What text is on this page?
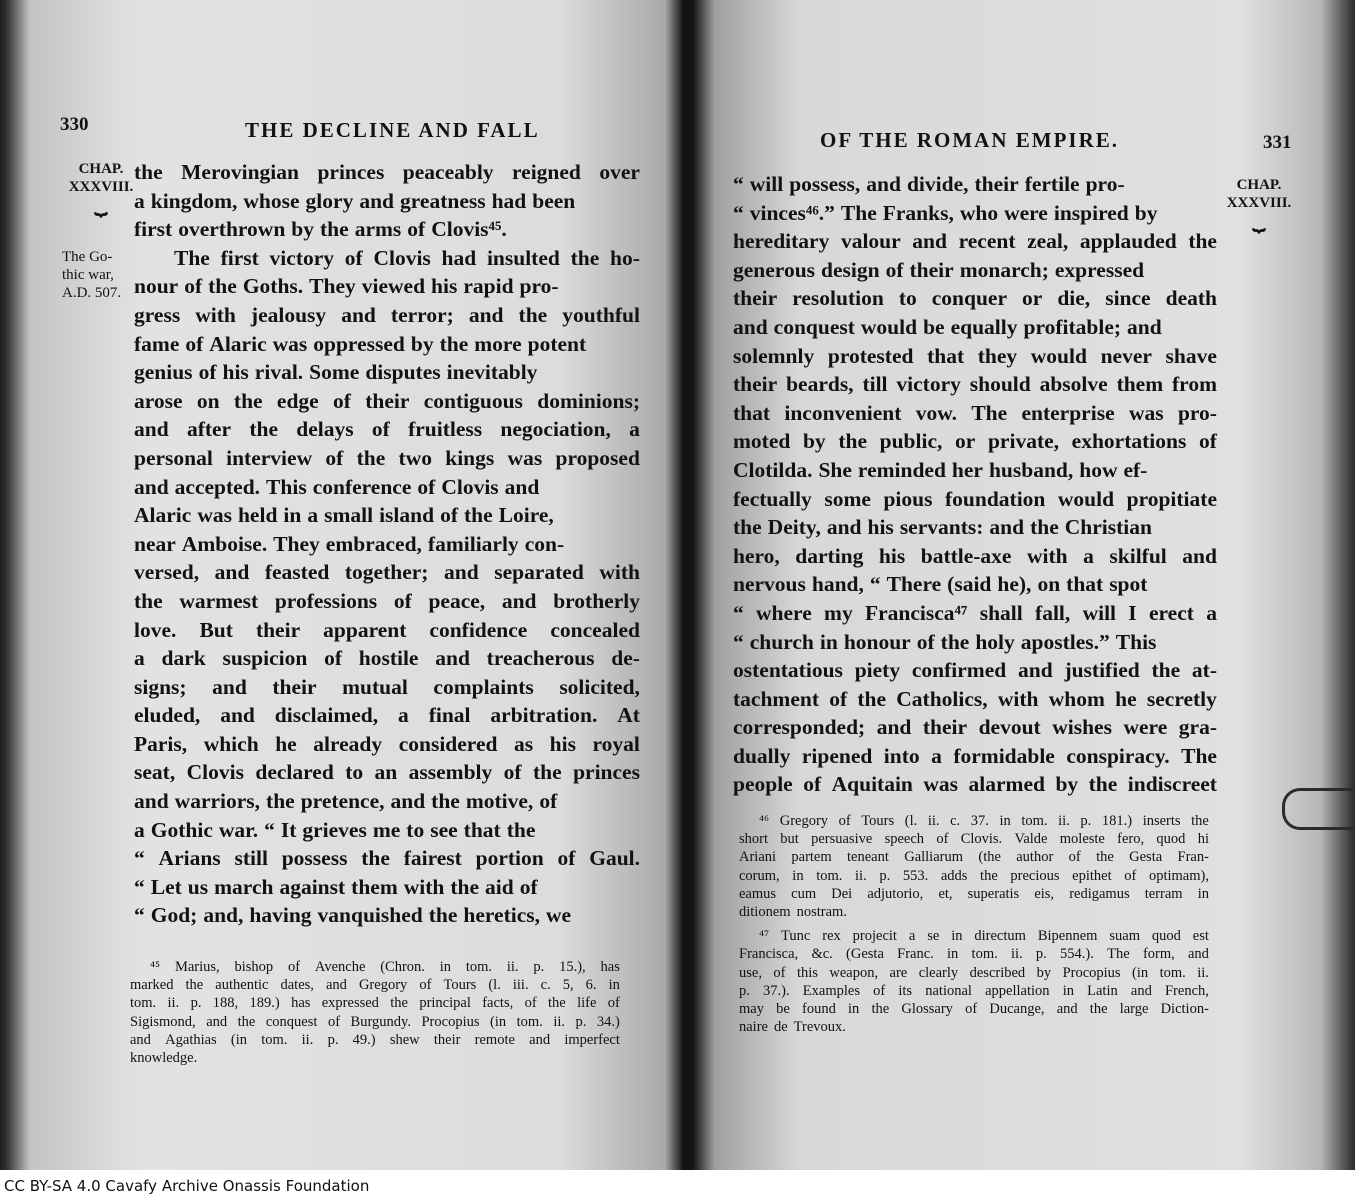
330	THE DECLINE AND FALL
CHAP.
XXXVIII.
⏟
The Go-
thic war,
A.D. 507.
the Merovingian princes peaceably reigned over
a kingdom, whose glory and greatness had been
first overthrown by the arms of Clovis⁴⁵.
The first victory of Clovis had insulted the ho-
nour of the Goths. They viewed his rapid pro-
gress with jealousy and terror; and the youthful
fame of Alaric was oppressed by the more potent
genius of his rival. Some disputes inevitably
arose on the edge of their contiguous dominions;
and after the delays of fruitless negociation, a
personal interview of the two kings was proposed
and accepted. This conference of Clovis and
Alaric was held in a small island of the Loire,
near Amboise. They embraced, familiarly con-
versed, and feasted together; and separated with
the warmest professions of peace, and brotherly
love. But their apparent confidence concealed
a dark suspicion of hostile and treacherous de-
signs; and their mutual complaints solicited,
eluded, and disclaimed, a final arbitration. At
Paris, which he already considered as his royal
seat, Clovis declared to an assembly of the princes
and warriors, the pretence, and the motive, of
a Gothic war. “ It grieves me to see that the
“ Arians still possess the fairest portion of Gaul.
“ Let us march against them with the aid of
“ God; and, having vanquished the heretics, we
⁴⁵ Marius, bishop of Avenche (Chron. in tom. ii. p. 15.), has
marked the authentic dates, and Gregory of Tours (l. iii. c. 5, 6. in
tom. ii. p. 188, 189.) has expressed the principal facts, of the life of
Sigismond, and the conquest of Burgundy. Procopius (in tom. ii. p. 34.)
and Agathias (in tom. ii. p. 49.) shew their remote and imperfect
knowledge.
OF THE ROMAN EMPIRE.	331
CHAP.
XXXVIII.
⏟
“ will possess, and divide, their fertile pro-
“ vinces⁴⁶.” The Franks, who were inspired by
hereditary valour and recent zeal, applauded the
generous design of their monarch; expressed
their resolution to conquer or die, since death
and conquest would be equally profitable; and
solemnly protested that they would never shave
their beards, till victory should absolve them from
that inconvenient vow. The enterprise was pro-
moted by the public, or private, exhortations of
Clotilda. She reminded her husband, how ef-
fectually some pious foundation would propitiate
the Deity, and his servants: and the Christian
hero, darting his battle-axe with a skilful and
nervous hand, “ There (said he), on that spot
“ where my Francisca⁴⁷ shall fall, will I erect a
“ church in honour of the holy apostles.” This
ostentatious piety confirmed and justified the at-
tachment of the Catholics, with whom he secretly
corresponded; and their devout wishes were gra-
dually ripened into a formidable conspiracy. The
people of Aquitain was alarmed by the indiscreet
⁴⁶ Gregory of Tours (l. ii. c. 37. in tom. ii. p. 181.) inserts the
short but persuasive speech of Clovis. Valde moleste fero, quod hi
Ariani partem teneant Galliarum (the author of the Gesta Fran-
corum, in tom. ii. p. 553. adds the precious epithet of optimam),
eamus cum Dei adjutorio, et, superatis eis, redigamus terram in
ditionem nostram.
⁴⁷ Tunc rex projecit a se in directum Bipennem suam quod est
Francisca, &c. (Gesta Franc. in tom. ii. p. 554.). The form, and
use, of this weapon, are clearly described by Procopius (in tom. ii.
p. 37.). Examples of its national appellation in Latin and French,
may be found in the Glossary of Ducange, and the large Diction-
naire de Trevoux.
CC BY-SA 4.0 Cavafy Archive Onassis Foundation
